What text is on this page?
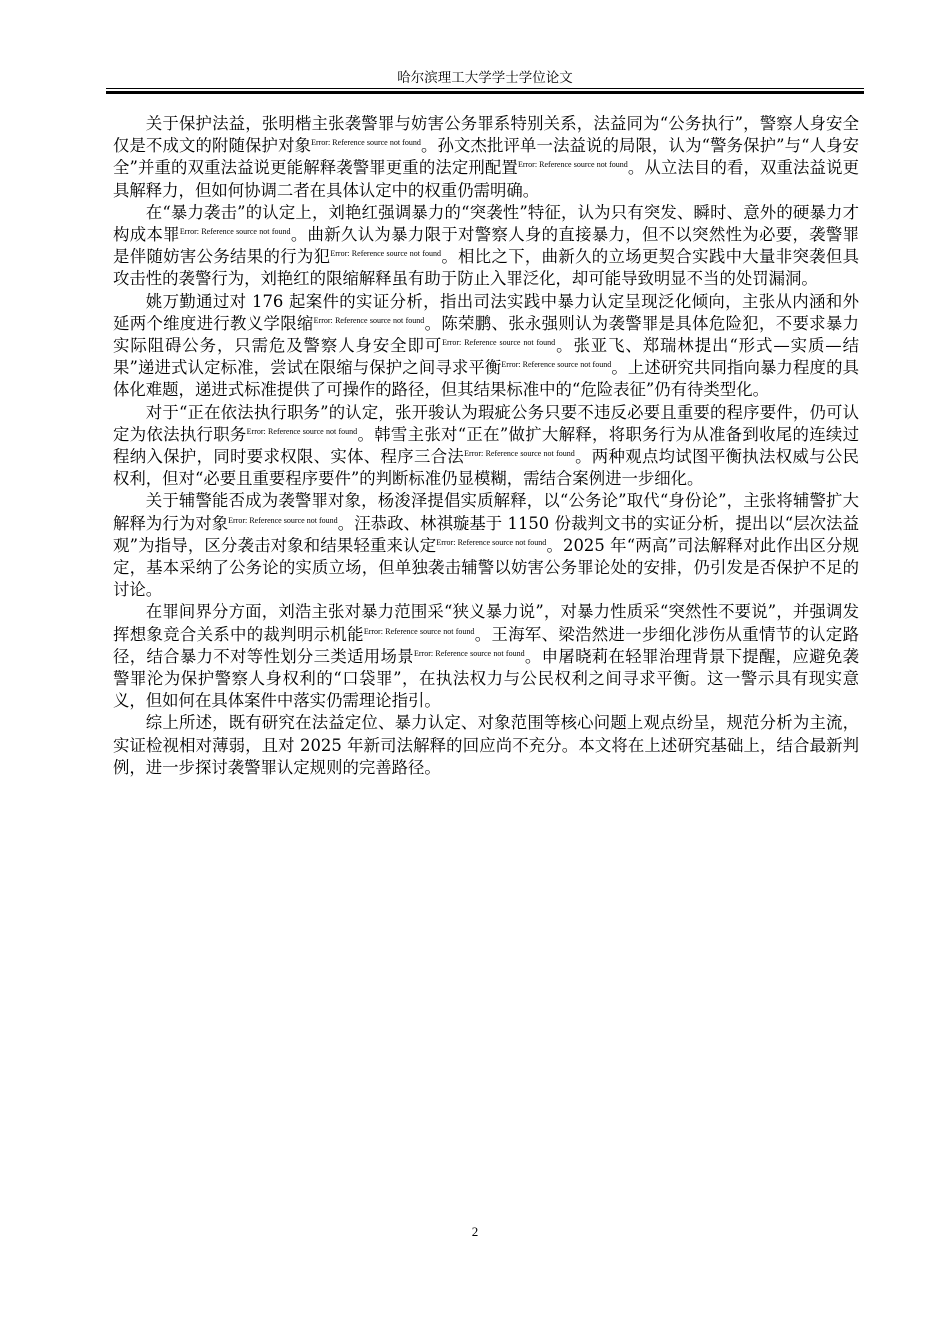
哈尔滨理工大学学士学位论文

关于保护法益，张明楷主张袭警罪与妨害公务罪系特别关系，法益同为“公务执行”，警察人身安全仅是不成文的附随保护对象$^{Error: Reference source not found}$。孙文杰批评单一法益说的局限，认为“警务保护”与“人身安全”并重的双重法益说更能解释袭警罪更重的法定刑配置$^{Error: Reference source not found}$。从立法目的看，双重法益说更具解释力，但如何协调二者在具体认定中的权重仍需明确。

在“暴力袭击”的认定上，刘艳红强调暴力的“突袭性”特征，认为只有突发、瞬时、意外的硬暴力才构成本罪$^{Error: Reference source not found}$。曲新久认为暴力限于对警察人身的直接暴力，但不以突然性为必要，袭警罪是伴随妨害公务结果的行为犯$^{Error: Reference source not found}$。相比之下，曲新久的立场更契合实践中大量非突袭但具攻击性的袭警行为，刘艳红的限缩解释虽有助于防止入罪泛化，却可能导致明显不当的处罚漏洞。

姚万勤通过对 176 起案件的实证分析，指出司法实践中暴力认定呈现泛化倾向，主张从内涵和外延两个维度进行教义学限缩$^{Error: Reference source not found}$。陈荣鹏、张永强则认为袭警罪是具体危险犯，不要求暴力实际阻碍公务，只需危及警察人身安全即可$^{Error: Reference source not found}$。张亚飞、郑瑞林提出“形式—实质—结果”递进式认定标准，尝试在限缩与保护之间寻求平衡$^{Error: Reference source not found}$。上述研究共同指向暴力程度的具体化难题，递进式标准提供了可操作的路径，但其结果标准中的“危险表征”仍有待类型化。

对于“正在依法执行职务”的认定，张开骏认为瑕疵公务只要不违反必要且重要的程序要件，仍可认定为依法执行职务$^{Error: Reference source not found}$。韩雪主张对“正在”做扩大解释，将职务行为从准备到收尾的连续过程纳入保护，同时要求权限、实体、程序三合法$^{Error: Reference source not found}$。两种观点均试图平衡执法权威与公民权利，但对“必要且重要程序要件”的判断标准仍显模糊，需结合案例进一步细化。

关于辅警能否成为袭警罪对象，杨浚泽提倡实质解释，以“公务论”取代“身份论”，主张将辅警扩大解释为行为对象$^{Error: Reference source not found}$。汪恭政、林祺璇基于 1150 份裁判文书的实证分析，提出以“层次法益观”为指导，区分袭击对象和结果轻重来认定$^{Error: Reference source not found}$。2025 年“两高”司法解释对此作出区分规定，基本采纳了公务论的实质立场，但单独袭击辅警以妨害公务罪论处的安排，仍引发是否保护不足的讨论。

在罪间界分方面，刘浩主张对暴力范围采“狭义暴力说”，对暴力性质采“突然性不要说”，并强调发挥想象竞合关系中的裁判明示机能$^{Error: Reference source not found}$。王海军、梁浩然进一步细化涉伤从重情节的认定路径，结合暴力不对等性划分三类适用场景$^{Error: Reference source not found}$。申屠晓莉在轻罪治理背景下提醒，应避免袭警罪沦为保护警察人身权利的“口袋罪”，在执法权力与公民权利之间寻求平衡。这一警示具有现实意义，但如何在具体案件中落实仍需理论指引。

综上所述，既有研究在法益定位、暴力认定、对象范围等核心问题上观点纷呈，规范分析为主流，实证检视相对薄弱，且对 2025 年新司法解释的回应尚不充分。本文将在上述研究基础上，结合最新判例，进一步探讨袭警罪认定规则的完善路径。

2
